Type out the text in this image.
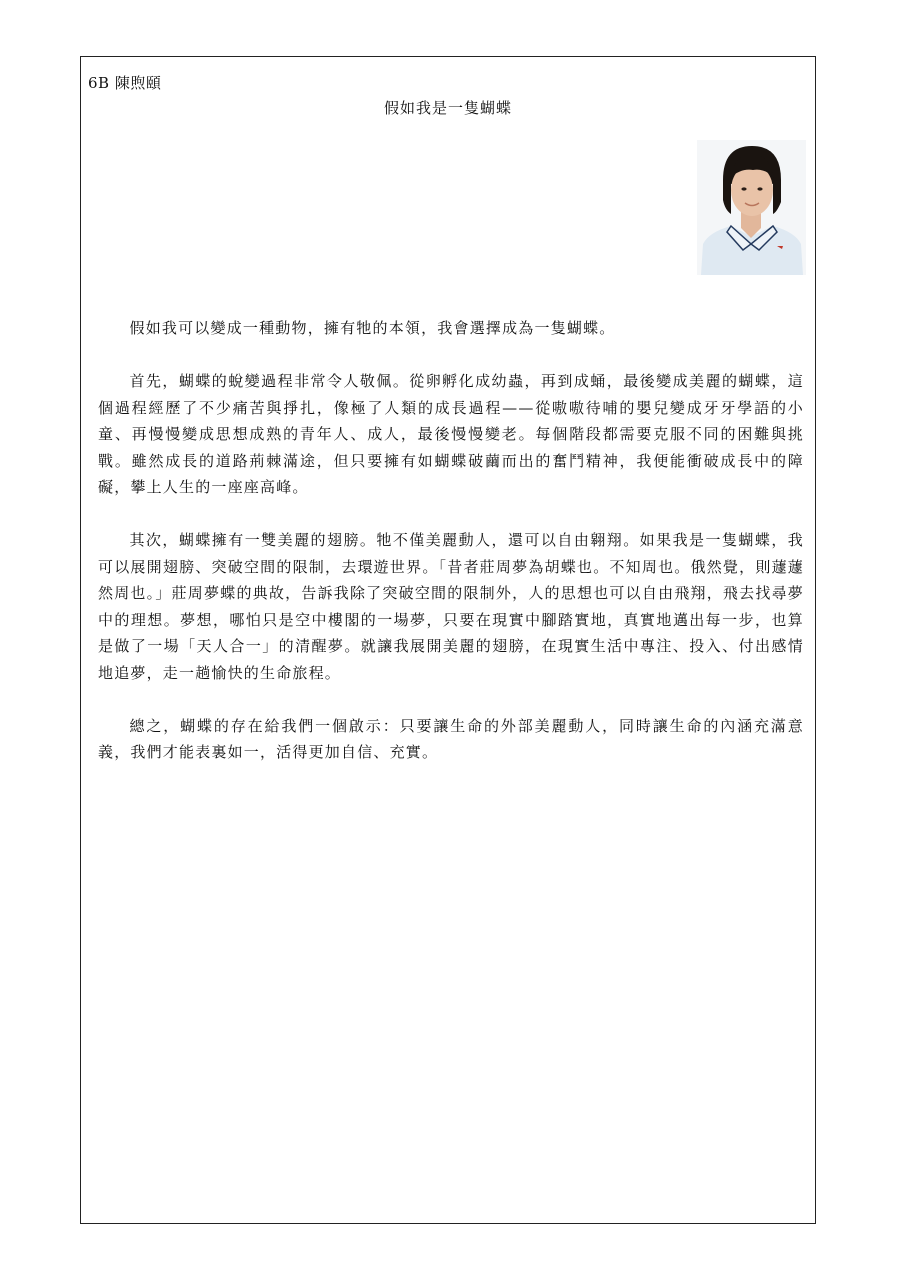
6B 陳煦頤
假如我是一隻蝴蝶

假如我可以變成一種動物，擁有牠的本領，我會選擇成為一隻蝴蝶。

首先，蝴蝶的蛻變過程非常令人敬佩。從卵孵化成幼蟲，再到成蛹，最後變成美麗的蝴蝶，這個過程經歷了不少痛苦與掙扎，像極了人類的成長過程——從嗷嗷待哺的嬰兒變成牙牙學語的小童、再慢慢變成思想成熟的青年人、成人，最後慢慢變老。每個階段都需要克服不同的困難與挑戰。雖然成長的道路荊棘滿途，但只要擁有如蝴蝶破繭而出的奮鬥精神，我便能衝破成長中的障礙，攀上人生的一座座高峰。

其次，蝴蝶擁有一雙美麗的翅膀。牠不僅美麗動人，還可以自由翱翔。如果我是一隻蝴蝶，我可以展開翅膀、突破空間的限制，去環遊世界。「昔者莊周夢為胡蝶也。不知周也。俄然覺，則蘧蘧然周也。」莊周夢蝶的典故，告訴我除了突破空間的限制外，人的思想也可以自由飛翔，飛去找尋夢中的理想。夢想，哪怕只是空中樓閣的一場夢，只要在現實中腳踏實地，真實地邁出每一步，也算是做了一場「天人合一」的清醒夢。就讓我展開美麗的翅膀，在現實生活中專注、投入、付出感情地追夢，走一趟愉快的生命旅程。

總之，蝴蝶的存在給我們一個啟示：只要讓生命的外部美麗動人，同時讓生命的內涵充滿意義，我們才能表裏如一，活得更加自信、充實。
